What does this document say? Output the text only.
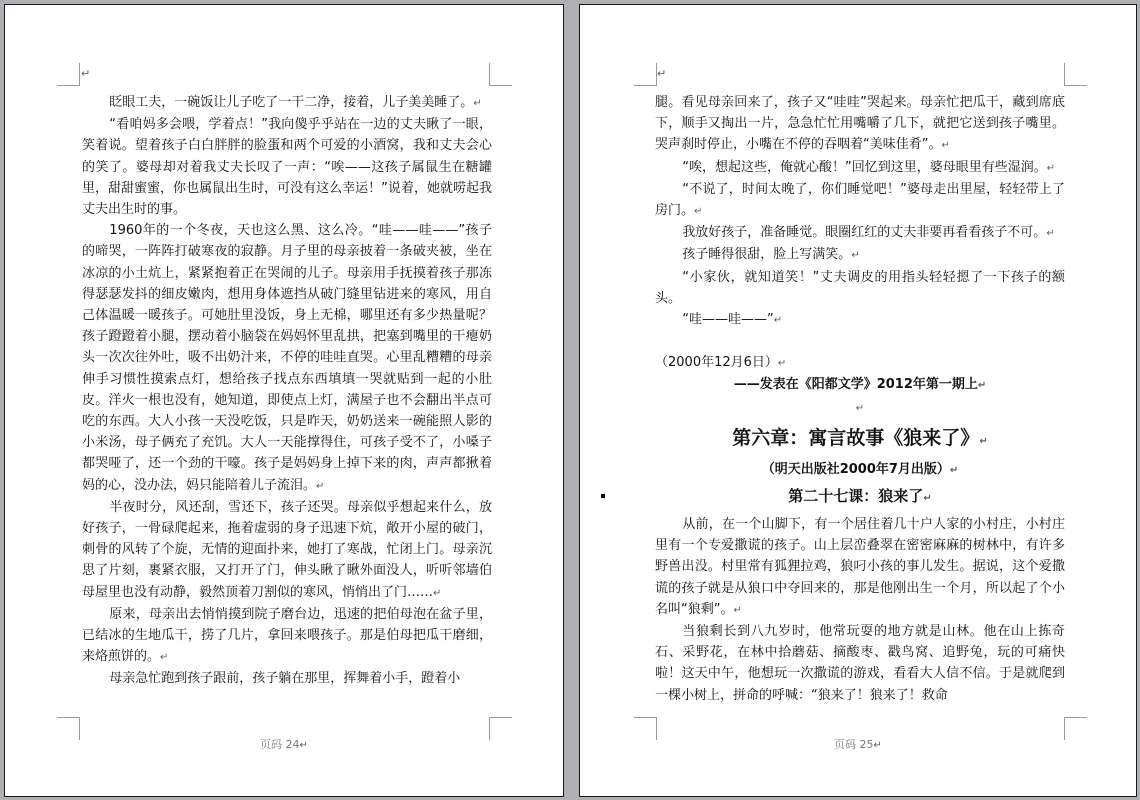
↵

眨眼工夫，一碗饭让儿子吃了一干二净，接着，儿子美美睡了。↵

“看咱妈多会喂，学着点！”我向傻乎乎站在一边的丈夫瞅了一眼，笑着说。望着孩子白白胖胖的脸蛋和两个可爱的小酒窝，我和丈夫会心的笑了。婆母却对着我丈夫长叹了一声：“唉——这孩子属鼠生在糖罐里，甜甜蜜蜜，你也属鼠出生时，可没有这么幸运！”说着，她就唠起我丈夫出生时的事。

1960年的一个冬夜，天也这么黑、这么冷。“哇——哇——”孩子的啼哭，一阵阵打破寒夜的寂静。月子里的母亲披着一条破夹被，坐在冰凉的小土炕上，紧紧抱着正在哭闹的儿子。母亲用手抚摸着孩子那冻得瑟瑟发抖的细皮嫩肉，想用身体遮挡从破门缝里钻进来的寒风，用自己体温暖一暖孩子。可她肚里没饭，身上无棉，哪里还有多少热量呢？孩子蹬蹬着小腿，摆动着小脑袋在妈妈怀里乱拱，把塞到嘴里的干瘪奶头一次次往外吐，吸不出奶汁来，不停的哇哇直哭。心里乱糟糟的母亲伸手习惯性摸索点灯，想给孩子找点东西填填一哭就贴到一起的小肚皮。洋火一根也没有，她知道，即使点上灯，满屋子也不会翻出半点可吃的东西。大人小孩一天没吃饭，只是昨天，奶奶送来一碗能照人影的小米汤，母子俩充了充饥。大人一天能撑得住，可孩子受不了，小嗓子都哭哑了，还一个劲的干嚎。孩子是妈妈身上掉下来的肉，声声都揪着妈的心，没办法，妈只能陪着儿子流泪。↵

半夜时分，风还刮，雪还下，孩子还哭。母亲似乎想起来什么，放好孩子，一骨碌爬起来，拖着虚弱的身子迅速下炕，敞开小屋的破门，刺骨的风转了个旋，无情的迎面扑来，她打了寒战，忙闭上门。母亲沉思了片刻，裹紧衣服，又打开了门，伸头瞅了瞅外面没人，听听邻墙伯母屋里也没有动静，毅然顶着刀割似的寒风，悄悄出了门……↵

原来，母亲出去悄悄摸到院子磨台边，迅速的把伯母泡在盆子里，已结冰的生地瓜干，捞了几片，拿回来喂孩子。那是伯母把瓜干磨细，来烙煎饼的。↵

母亲急忙跑到孩子跟前，孩子躺在那里，挥舞着小手，蹬着小

页码 24↵
↵

腿。看见母亲回来了，孩子又“哇哇”哭起来。母亲忙把瓜干，藏到席底下，顺手又掏出一片，急急忙忙用嘴嚼了几下，就把它送到孩子嘴里。哭声刹时停止，小嘴在不停的吞咽着“美味佳肴”。↵

“唉，想起这些，俺就心酸！”回忆到这里，婆母眼里有些湿润。↵

“不说了，时间太晚了，你们睡觉吧！”婆母走出里屋，轻轻带上了房门。↵

我放好孩子，准备睡觉。眼圈红红的丈夫非要再看看孩子不可。↵

孩子睡得很甜，脸上写满笑。↵

“小家伙，就知道笑！”丈夫调皮的用指头轻轻摁了一下孩子的额头。

“哇——哇——”↵

（2000年12月6日）↵

——发表在《阳都文学》2012年第一期上↵

↵

第六章：寓言故事《狼来了》↵

（明天出版社2000年7月出版）↵

第二十七课：狼来了↵

从前，在一个山脚下，有一个居住着几十户人家的小村庄，小村庄里有一个专爱撒谎的孩子。山上层峦叠翠在密密麻麻的树林中，有许多野兽出没。村里常有狐狸拉鸡，狼叼小孩的事儿发生。据说，这个爱撒谎的孩子就是从狼口中夺回来的，那是他刚出生一个月，所以起了个小名叫“狼剩”。↵

当狼剩长到八九岁时，他常玩耍的地方就是山林。他在山上拣奇石、采野花，在林中拾蘑菇、摘酸枣、戳鸟窝、追野兔，玩的可痛快啦！这天中午，他想玩一次撒谎的游戏，看看大人信不信。于是就爬到一棵小树上，拼命的呼喊：“狼来了！狼来了！救命

页码 25↵
